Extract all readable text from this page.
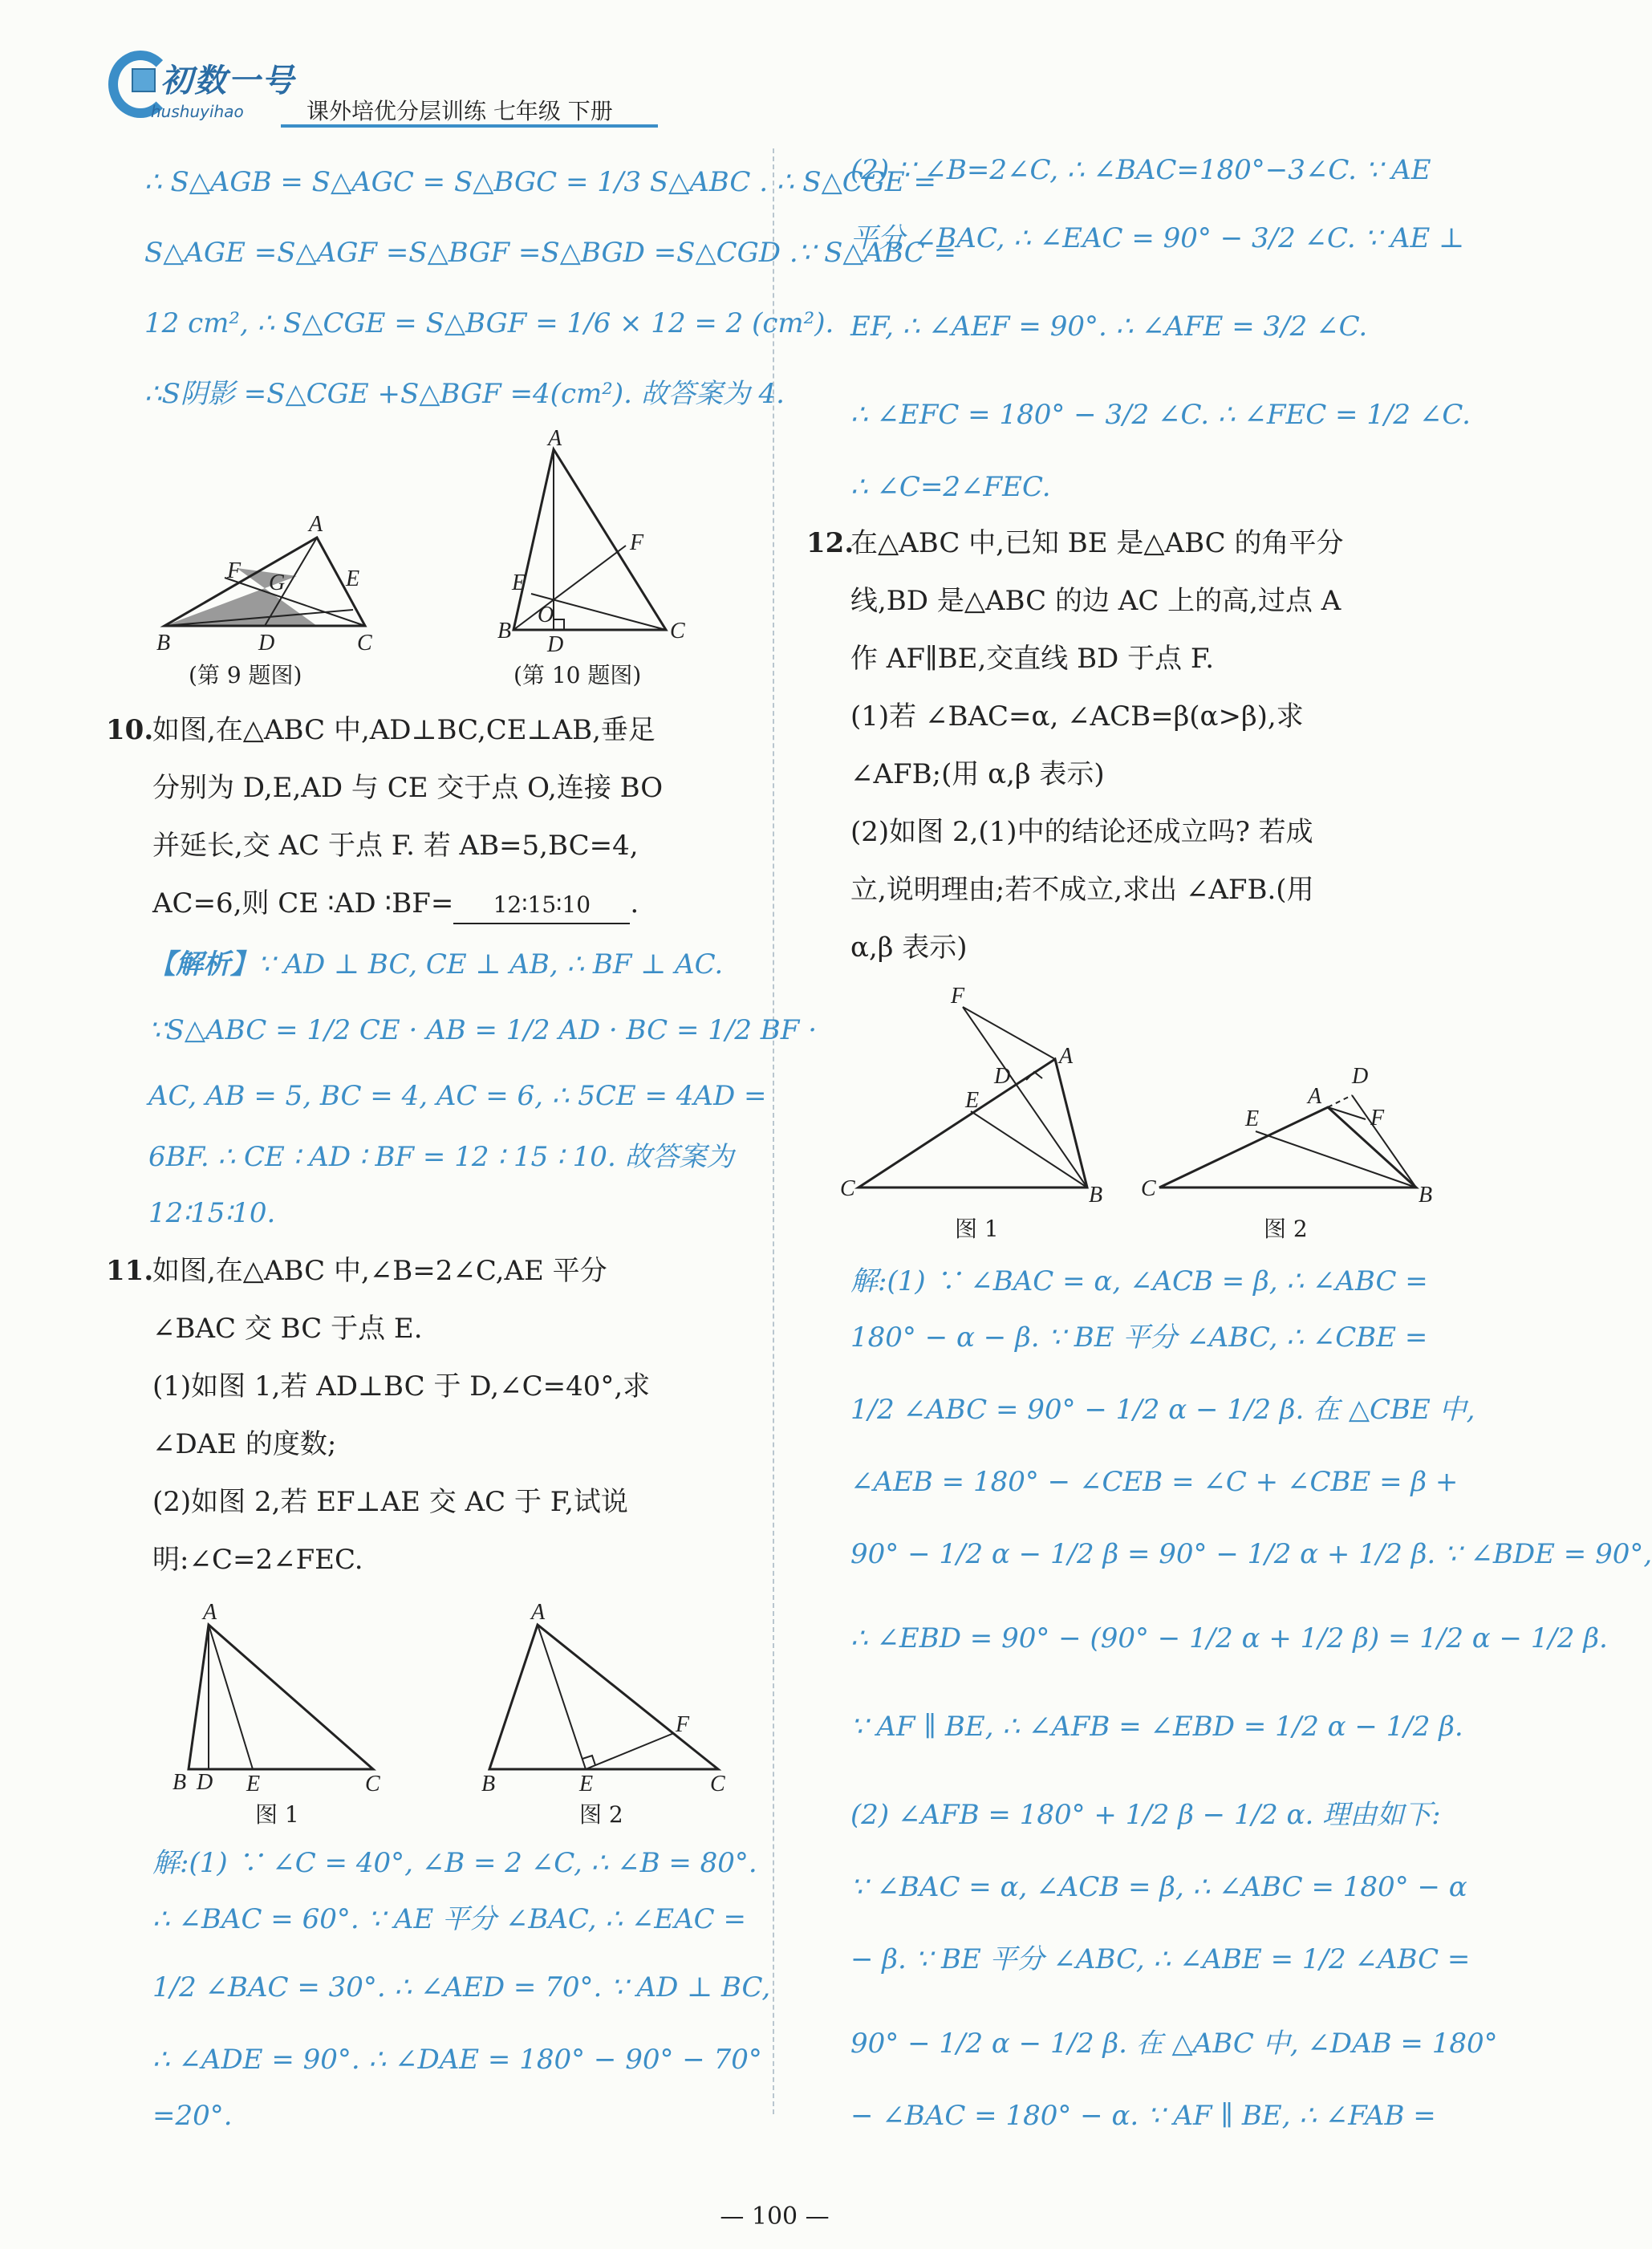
初数一号
hushuyihao	课外培优分层训练 七年级 下册
∴ S△AGB = S△AGC = S△BGC = 1/3 S△ABC . ∴ S△CGE =
S△AGE =S△AGF =S△BGF =S△BGD =S△CGD .∵ S△ABC =
12 cm², ∴ S△CGE = S△BGF = 1/6 × 12 = 2 (cm²).
∴S阴影 =S△CGE +S△BGF =4(cm²). 故答案为 4.
A
F G	E
B	D	C
(第 9 题图)
A
F
E
O
B
D
C
(第 10 题图)
10.
如图,在△ABC 中,AD⊥BC,CE⊥AB,垂足
分别为 D,E,AD 与 CE 交于点 O,连接 BO
并延长,交 AC 于点 F. 若 AB=5,BC=4,
AC=6,则 CE ∶AD ∶BF= 12∶15∶10 .
【解析】∵ AD ⊥ BC, CE ⊥ AB, ∴ BF ⊥ AC.
∵S△ABC = 1/2 CE · AB = 1/2 AD · BC = 1/2 BF ·
AC, AB = 5, BC = 4, AC = 6, ∴ 5CE = 4AD =
6BF. ∴ CE ∶ AD ∶ BF = 12 ∶ 15 ∶ 10. 故答案为
12∶15∶10.
11.
如图,在△ABC 中,∠B=2∠C,AE 平分
∠BAC 交 BC 于点 E.
(1)如图 1,若 AD⊥BC 于 D,∠C=40°,求
∠DAE 的度数;
(2)如图 2,若 EF⊥AE 交 AC 于 F,试说
明:∠C=2∠FEC.
A
B D E	C
图 1
A
F
B	E	C
图 2
解:(1) ∵ ∠C = 40°, ∠B = 2 ∠C, ∴ ∠B = 80°.
∴ ∠BAC = 60°. ∵ AE 平分 ∠BAC, ∴ ∠EAC =
1/2 ∠BAC = 30°. ∴ ∠AED = 70°. ∵ AD ⊥ BC,
∴ ∠ADE = 90°. ∴ ∠DAE = 180° − 90° − 70°
=20°.
(2) ∵ ∠B=2∠C, ∴ ∠BAC=180°−3∠C. ∵ AE
平分 ∠BAC, ∴ ∠EAC = 90° − 3/2 ∠C. ∵ AE ⊥
EF, ∴ ∠AEF = 90°. ∴ ∠AFE = 3/2 ∠C.
∴ ∠EFC = 180° − 3/2 ∠C. ∴ ∠FEC = 1/2 ∠C.
∴ ∠C=2∠FEC.
12.
在△ABC 中,已知 BE 是△ABC 的角平分
线,BD 是△ABC 的边 AC 上的高,过点 A
作 AF∥BE,交直线 BD 于点 F.
(1)若 ∠BAC=α, ∠ACB=β(α>β),求
∠AFB;(用 α,β 表示)
(2)如图 2,(1)中的结论还成立吗? 若成
立,说明理由;若不成立,求出 ∠AFB.(用
α,β 表示)
F
A
D
E
C	B
图 1
D
A
E	F
C	B
图 2
解:(1) ∵ ∠BAC = α, ∠ACB = β, ∴ ∠ABC =
180° − α − β. ∵ BE 平分 ∠ABC, ∴ ∠CBE =
1/2 ∠ABC = 90° − 1/2 α − 1/2 β. 在 △CBE 中,
∠AEB = 180° − ∠CEB = ∠C + ∠CBE = β +
90° − 1/2 α − 1/2 β = 90° − 1/2 α + 1/2 β. ∵ ∠BDE = 90°,
∴ ∠EBD = 90° − (90° − 1/2 α + 1/2 β) = 1/2 α − 1/2 β.
∵ AF ∥ BE, ∴ ∠AFB = ∠EBD = 1/2 α − 1/2 β.
(2) ∠AFB = 180° + 1/2 β − 1/2 α. 理由如下:
∵ ∠BAC = α, ∠ACB = β, ∴ ∠ABC = 180° − α
− β. ∵ BE 平分 ∠ABC, ∴ ∠ABE = 1/2 ∠ABC =
90° − 1/2 α − 1/2 β. 在 △ABC 中, ∠DAB = 180°
− ∠BAC = 180° − α. ∵ AF ∥ BE, ∴ ∠FAB =
— 100 —
